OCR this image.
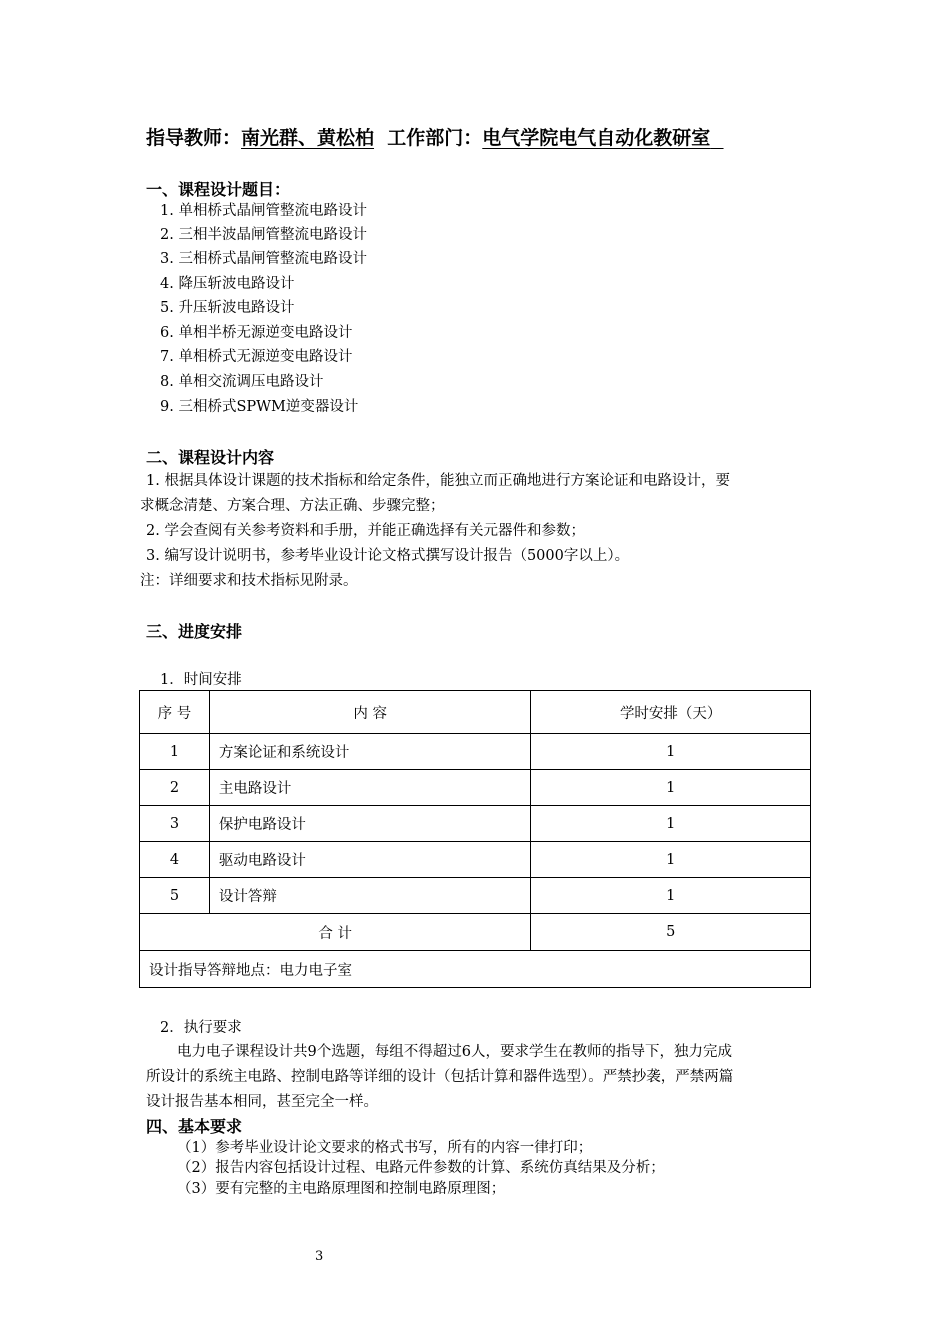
指导教师：南光群、黄松柏 工作部门：电气学院电气自动化教研室
一、课程设计题目：
1. 单相桥式晶闸管整流电路设计
2. 三相半波晶闸管整流电路设计
3. 三相桥式晶闸管整流电路设计
4. 降压斩波电路设计
5. 升压斩波电路设计
6. 单相半桥无源逆变电路设计
7. 单相桥式无源逆变电路设计
8. 单相交流调压电路设计
9. 三相桥式SPWM逆变器设计
二、课程设计内容
1. 根据具体设计课题的技术指标和给定条件，能独立而正确地进行方案论证和电路设计，要
求概念清楚、方案合理、方法正确、步骤完整；
2. 学会查阅有关参考资料和手册，并能正确选择有关元器件和参数；
3. 编写设计说明书，参考毕业设计论文格式撰写设计报告（5000字以上）。
注：详细要求和技术指标见附录。
三、进度安排
1．时间安排
序 号	内 容	学时安排（天）
1	方案论证和系统设计	1
2	主电路设计	1
3	保护电路设计	1
4	驱动电路设计	1
5	设计答辩	1
合 计		5
设计指导答辩地点：电力电子室		
2．执行要求
电力电子课程设计共9个选题，每组不得超过6人，要求学生在教师的指导下，独力完成
所设计的系统主电路、控制电路等详细的设计（包括计算和器件选型）。严禁抄袭，严禁两篇
设计报告基本相同，甚至完全一样。
四、基本要求
（1）参考毕业设计论文要求的格式书写，所有的内容一律打印；
（2）报告内容包括设计过程、电路元件参数的计算、系统仿真结果及分析；
（3）要有完整的主电路原理图和控制电路原理图；
3
